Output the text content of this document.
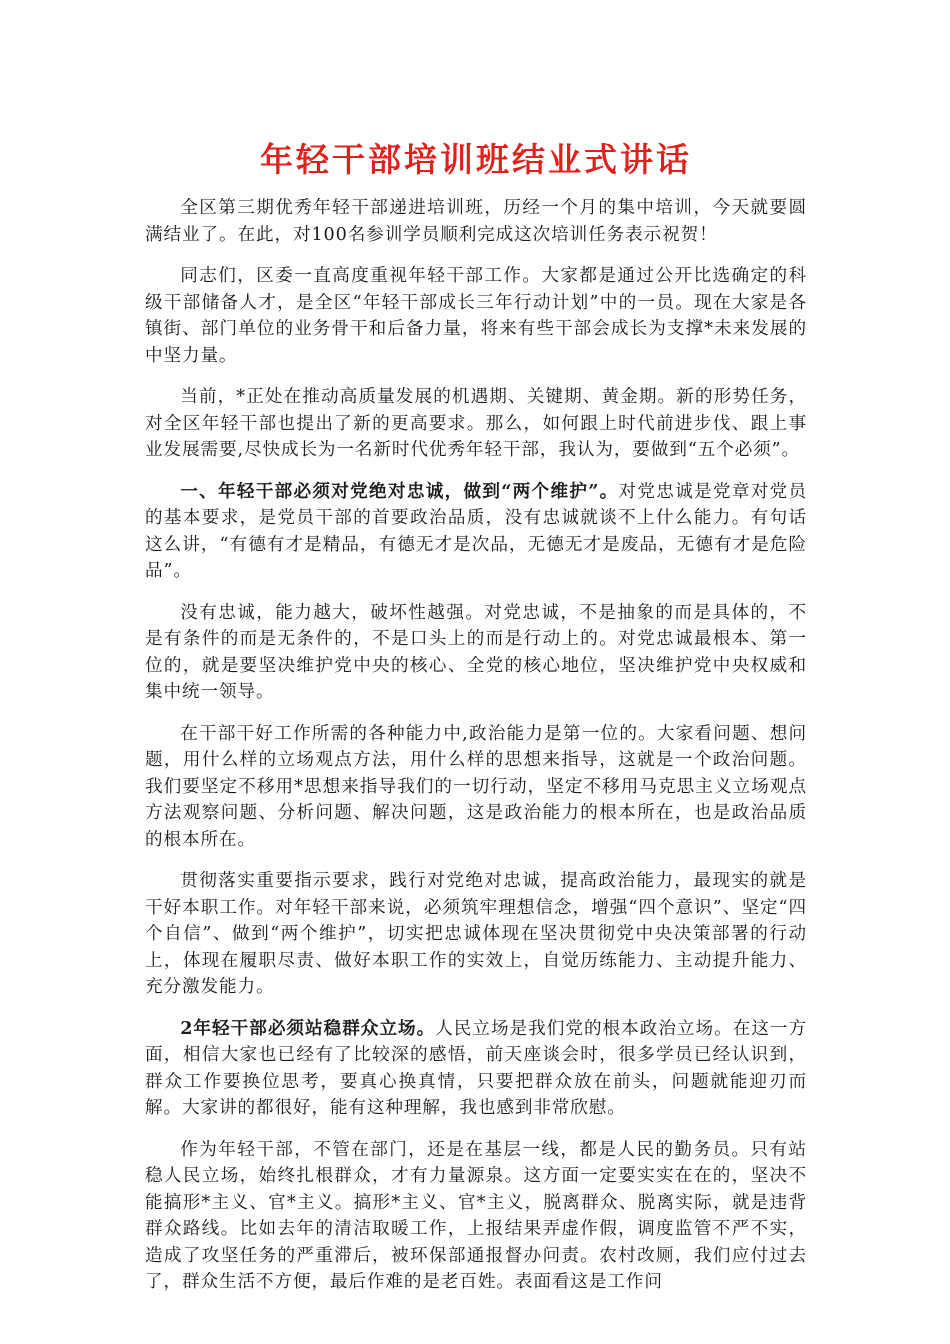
年轻干部培训班结业式讲话

全区第三期优秀年轻干部递进培训班，历经一个月的集中培训，今天就要圆满结业了。在此，对100名参训学员顺利完成这次培训任务表示祝贺！

同志们，区委一直高度重视年轻干部工作。大家都是通过公开比选确定的科级干部储备人才，是全区“年轻干部成长三年行动计划”中的一员。现在大家是各镇街、部门单位的业务骨干和后备力量，将来有些干部会成长为支撑*未来发展的中坚力量。

当前，*正处在推动高质量发展的机遇期、关键期、黄金期。新的形势任务，对全区年轻干部也提出了新的更高要求。那么，如何跟上时代前进步伐、跟上事业发展需要,尽快成长为一名新时代优秀年轻干部，我认为，要做到“五个必须”。

一、年轻干部必须对党绝对忠诚，做到“两个维护”。对党忠诚是党章对党员的基本要求，是党员干部的首要政治品质，没有忠诚就谈不上什么能力。有句话这么讲，“有德有才是精品，有德无才是次品，无德无才是废品，无德有才是危险品”。

没有忠诚，能力越大，破坏性越强。对党忠诚，不是抽象的而是具体的，不是有条件的而是无条件的，不是口头上的而是行动上的。对党忠诚最根本、第一位的，就是要坚决维护党中央的核心、全党的核心地位，坚决维护党中央权威和集中统一领导。

在干部干好工作所需的各种能力中,政治能力是第一位的。大家看问题、想问题，用什么样的立场观点方法，用什么样的思想来指导，这就是一个政治问题。我们要坚定不移用*思想来指导我们的一切行动，坚定不移用马克思主义立场观点方法观察问题、分析问题、解决问题，这是政治能力的根本所在，也是政治品质的根本所在。

贯彻落实重要指示要求，践行对党绝对忠诚，提高政治能力，最现实的就是干好本职工作。对年轻干部来说，必须筑牢理想信念，增强“四个意识”、坚定“四个自信”、做到“两个维护”，切实把忠诚体现在坚决贯彻党中央决策部署的行动上，体现在履职尽责、做好本职工作的实效上，自觉历练能力、主动提升能力、充分激发能力。

2年轻干部必须站稳群众立场。人民立场是我们党的根本政治立场。在这一方面，相信大家也已经有了比较深的感悟，前天座谈会时，很多学员已经认识到，群众工作要换位思考，要真心换真情，只要把群众放在前头，问题就能迎刃而解。大家讲的都很好，能有这种理解，我也感到非常欣慰。

作为年轻干部，不管在部门，还是在基层一线，都是人民的勤务员。只有站稳人民立场，始终扎根群众，才有力量源泉。这方面一定要实实在在的，坚决不能搞形*主义、官*主义。搞形*主义、官*主义，脱离群众、脱离实际，就是违背群众路线。比如去年的清洁取暖工作，上报结果弄虚作假，调度监管不严不实，造成了攻坚任务的严重滞后，被环保部通报督办问责。农村改厕，我们应付过去了，群众生活不方便，最后作难的是老百姓。表面看这是工作问
